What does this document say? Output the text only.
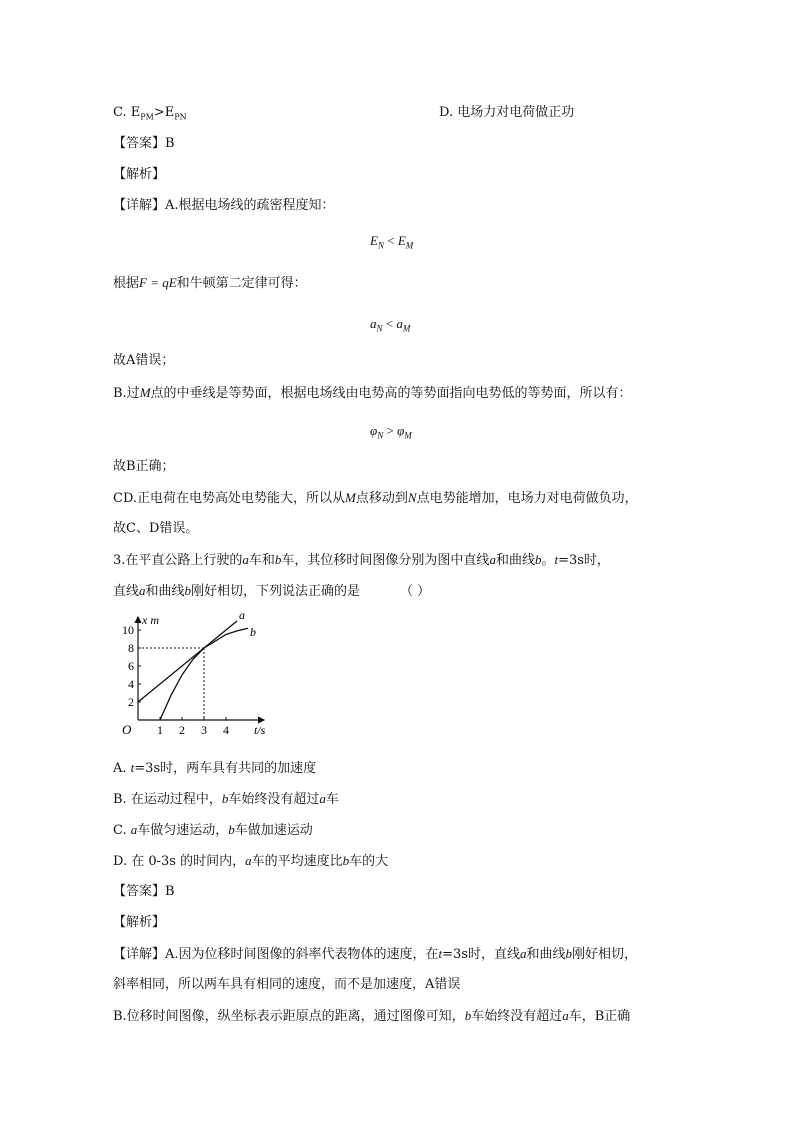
C. $E_{PM}>E_{PN}$	D. 电场力对电荷做正功
【答案】B
【解析】
【详解】A.根据电场线的疏密程度知：
$E_N < E_M$
根据F = qE和牛顿第二定律可得：
$a_N < a_M$
故A错误；
B.过M点的中垂线是等势面，根据电场线由电势高的等势面指向电势低的等势面，所以有：
$\varphi_N > \varphi_M$
故B正确；
CD.正电荷在电势高处电势能大，所以从M点移动到N点电势能增加，电场力对电荷做负功，
故C、D错误。
3.在平直公路上行驶的a车和b车，其位移时间图像分别为图中直线a和曲线b。t=3s时，
直线a和曲线b刚好相切，下列说法正确的是	（ ）
1 2 3 4
2
4
6
8
10
O	t/s
x m	a
b
A. t=3s时，两车具有共同的加速度
B. 在运动过程中，b车始终没有超过a车
C. a车做匀速运动，b车做加速运动
D. 在 0-3s 的时间内，a车的平均速度比b车的大
【答案】B
【解析】
【详解】A.因为位移时间图像的斜率代表物体的速度，在t=3s时，直线a和曲线b刚好相切，
斜率相同，所以两车具有相同的速度，而不是加速度，A错误
B.位移时间图像，纵坐标表示距原点的距离，通过图像可知，b车始终没有超过a车，B正确
